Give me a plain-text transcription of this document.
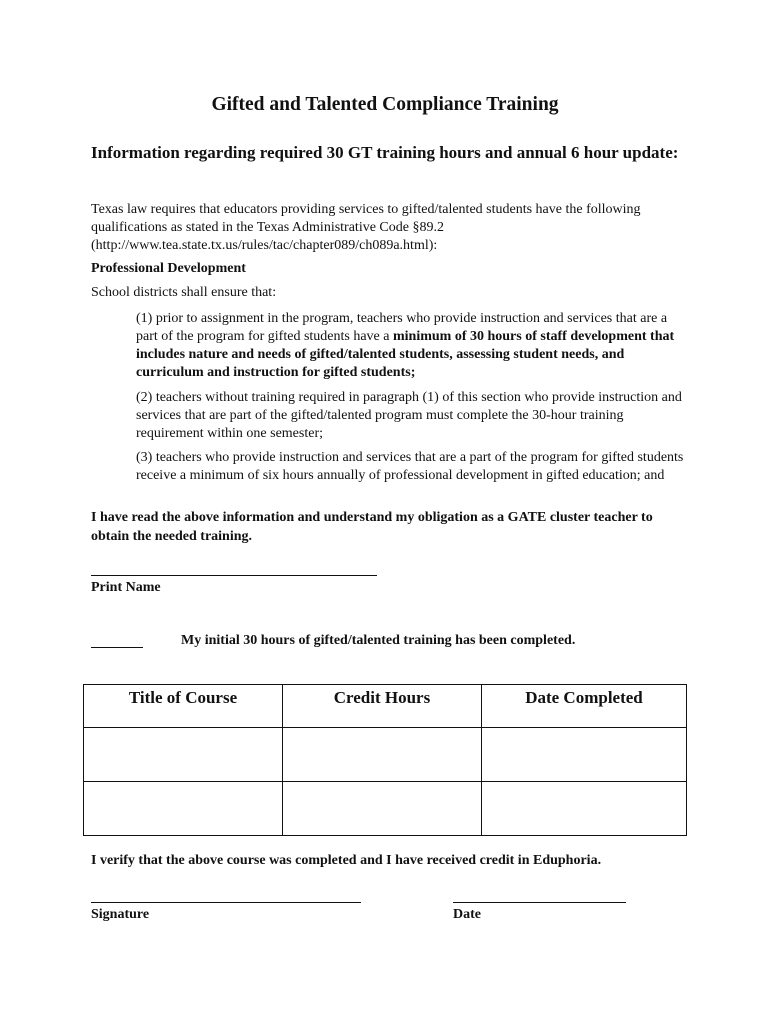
Gifted and Talented Compliance Training
Information regarding required 30 GT training hours and annual 6 hour update:
Texas law requires that educators providing services to gifted/talented students have the following qualifications as stated in the Texas Administrative Code §89.2 (http://www.tea.state.tx.us/rules/tac/chapter089/ch089a.html):
Professional Development
School districts shall ensure that:
(1) prior to assignment in the program, teachers who provide instruction and services that are a part of the program for gifted students have a minimum of 30 hours of staff development that includes nature and needs of gifted/talented students, assessing student needs, and curriculum and instruction for gifted students;
(2) teachers without training required in paragraph (1) of this section who provide instruction and services that are part of the gifted/talented program must complete the 30-hour training requirement within one semester;
(3) teachers who provide instruction and services that are a part of the program for gifted students receive a minimum of six hours annually of professional development in gifted education; and
I have read the above information and understand my obligation as a GATE cluster teacher to obtain the needed training.
Print Name
My initial 30 hours of gifted/talented training has been completed.
Title of Course	Credit Hours	Date Completed

I verify that the above course was completed and I have received credit in Eduphoria.
Signature	Date
